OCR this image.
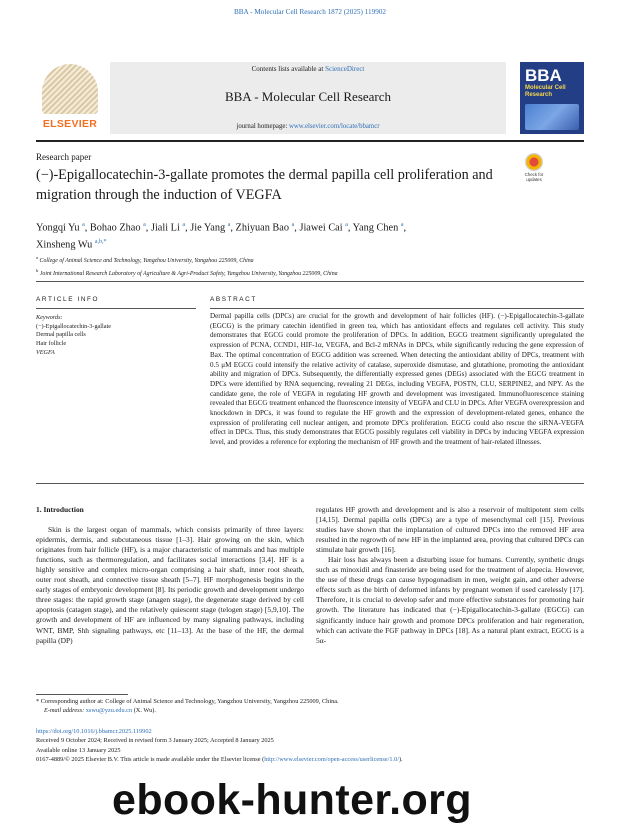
BBA - Molecular Cell Research 1872 (2025) 119902
ELSEVIER
Contents lists available at ScienceDirect
BBA - Molecular Cell Research
journal homepage: www.elsevier.com/locate/bbamcr
BBA
Molecular Cell Research
Research paper
Check for updates
(−)-Epigallocatechin-3-gallate promotes the dermal papilla cell proliferation and migration through the induction of VEGFA
Yongqi Yu $^a$, Bohao Zhao $^a$, Jiali Li $^a$, Jie Yang $^a$, Zhiyuan Bao $^a$, Jiawei Cai $^a$, Yang Chen $^a$,
Xinsheng Wu $^{a,b,*}$
$^a$ College of Animal Science and Technology, Yangzhou University, Yangzhou 225009, China
$^b$ Joint International Research Laboratory of Agriculture & Agri-Product Safety, Yangzhou University, Yangzhou 225009, China
ARTICLE INFO	ABSTRACT
Keywords:
(−)-Epigallocatechin-3-gallate
Dermal papilla cells
Hair follicle
VEGFA
Dermal papilla cells (DPCs) are crucial for the growth and development of hair follicles (HF). (−)-Epigallocatechin-3-gallate (EGCG) is the primary catechin identified in green tea, which has antioxidant effects and regulates cell activity. This study demonstrates that EGCG could promote the proliferation of DPCs. In addition, EGCG treatment significantly upregulated the expression of PCNA, CCND1, HIF-1α, VEGFA, and Bcl-2 mRNAs in DPCs, while significantly reducing the gene expression of Bax. The optimal concentration of EGCG addition was screened. When detecting the antioxidant ability of DPCs, treatment with 0.5 μM EGCG could intensify the relative activity of catalase, superoxide dismutase, and glutathione, promoting the antioxidant ability and migration of DPCs. Subsequently, the differentially expressed genes (DEGs) associated with the EGCG treatment in DPCs were identified by RNA sequencing, revealing 21 DEGs, including VEGFA, POSTN, CLU, SERPINE2, and NPY. As the candidate gene, the role of VEGFA in regulating HF growth and development was investigated. Immunofluorescence staining revealed that EGCG treatment enhanced the fluorescence intensity of VEGFA and CLU in DPCs. After VEGFA overexpression and knockdown in DPCs, it was found to regulate the HF growth and the expression of development-related genes, enhance the expression of proliferating cell nuclear antigen, and promote DPCs proliferation. EGCG could also rescue the siRNA-VEGFA effect in DPCs. Thus, this study demonstrates that EGCG possibly regulates cell viability in DPCs by inducing VEGFA expression level, and provides a reference for exploring the mechanism of HF growth and the treatment of hair-related illnesses.
1. Introduction

Skin is the largest organ of mammals, which consists primarily of three layers: epidermis, dermis, and subcutaneous tissue [1–3]. Hair growing on the skin, which originates from hair follicle (HF), is a major characteristic of mammals and has multiple functions, such as thermoregulation, and facilitates social interactions [3,4]. HF is a highly sensitive and complex micro-organ comprising a hair shaft, inner root sheath, outer root sheath, and connective tissue sheath [5–7]. HF morphogenesis begins in the early stages of embryonic development [8]. Its periodic growth and development undergo three stages: the rapid growth stage (anagen stage), the degenerate stage derived by cell apoptosis (catagen stage), and the relatively quiescent stage (telogen stage) [5,9,10]. The growth and development of HF are influenced by many signaling pathways, including WNT, BMP, Shh signaling pathways, etc [11–13]. At the base of the HF, the dermal papilla (DP)

regulates HF growth and development and is also a reservoir of multipotent stem cells [14,15]. Dermal papilla cells (DPCs) are a type of mesenchymal cell [15]. Previous studies have shown that the implantation of cultured DPCs into the removed HF area resulted in the regrowth of new HF in the implanted area, proving that cultured DPCs can stimulate hair growth [16].

Hair loss has always been a disturbing issue for humans. Currently, synthetic drugs such as minoxidil and finasteride are being used for the treatment of alopecia. However, the use of these drugs can cause hypogonadism in men, weight gain, and other adverse effects such as the birth of deformed infants by pregnant women if used carelessly [17]. Therefore, it is crucial to develop safer and more effective substances for promoting hair growth. The literature has indicated that (−)-Epigallocatechin-3-gallate (EGCG) can significantly induce hair growth and promote DPCs proliferation and hair regeneration, which can activate the FGF pathway in DPCs [18]. As a natural plant extract, EGCG is a 5α-

* Corresponding author at: College of Animal Science and Technology, Yangzhou University, Yangzhou 225009, China.
E-mail address: xswu@yzu.edu.cn (X. Wu).
https://doi.org/10.1016/j.bbamcr.2025.119902
Received 9 October 2024; Received in revised form 3 January 2025; Accepted 8 January 2025
Available online 13 January 2025
0167-4889/© 2025 Elsevier B.V. This article is made available under the Elsevier license (http://www.elsevier.com/open-access/userlicense/1.0/).
ebook-hunter.org
